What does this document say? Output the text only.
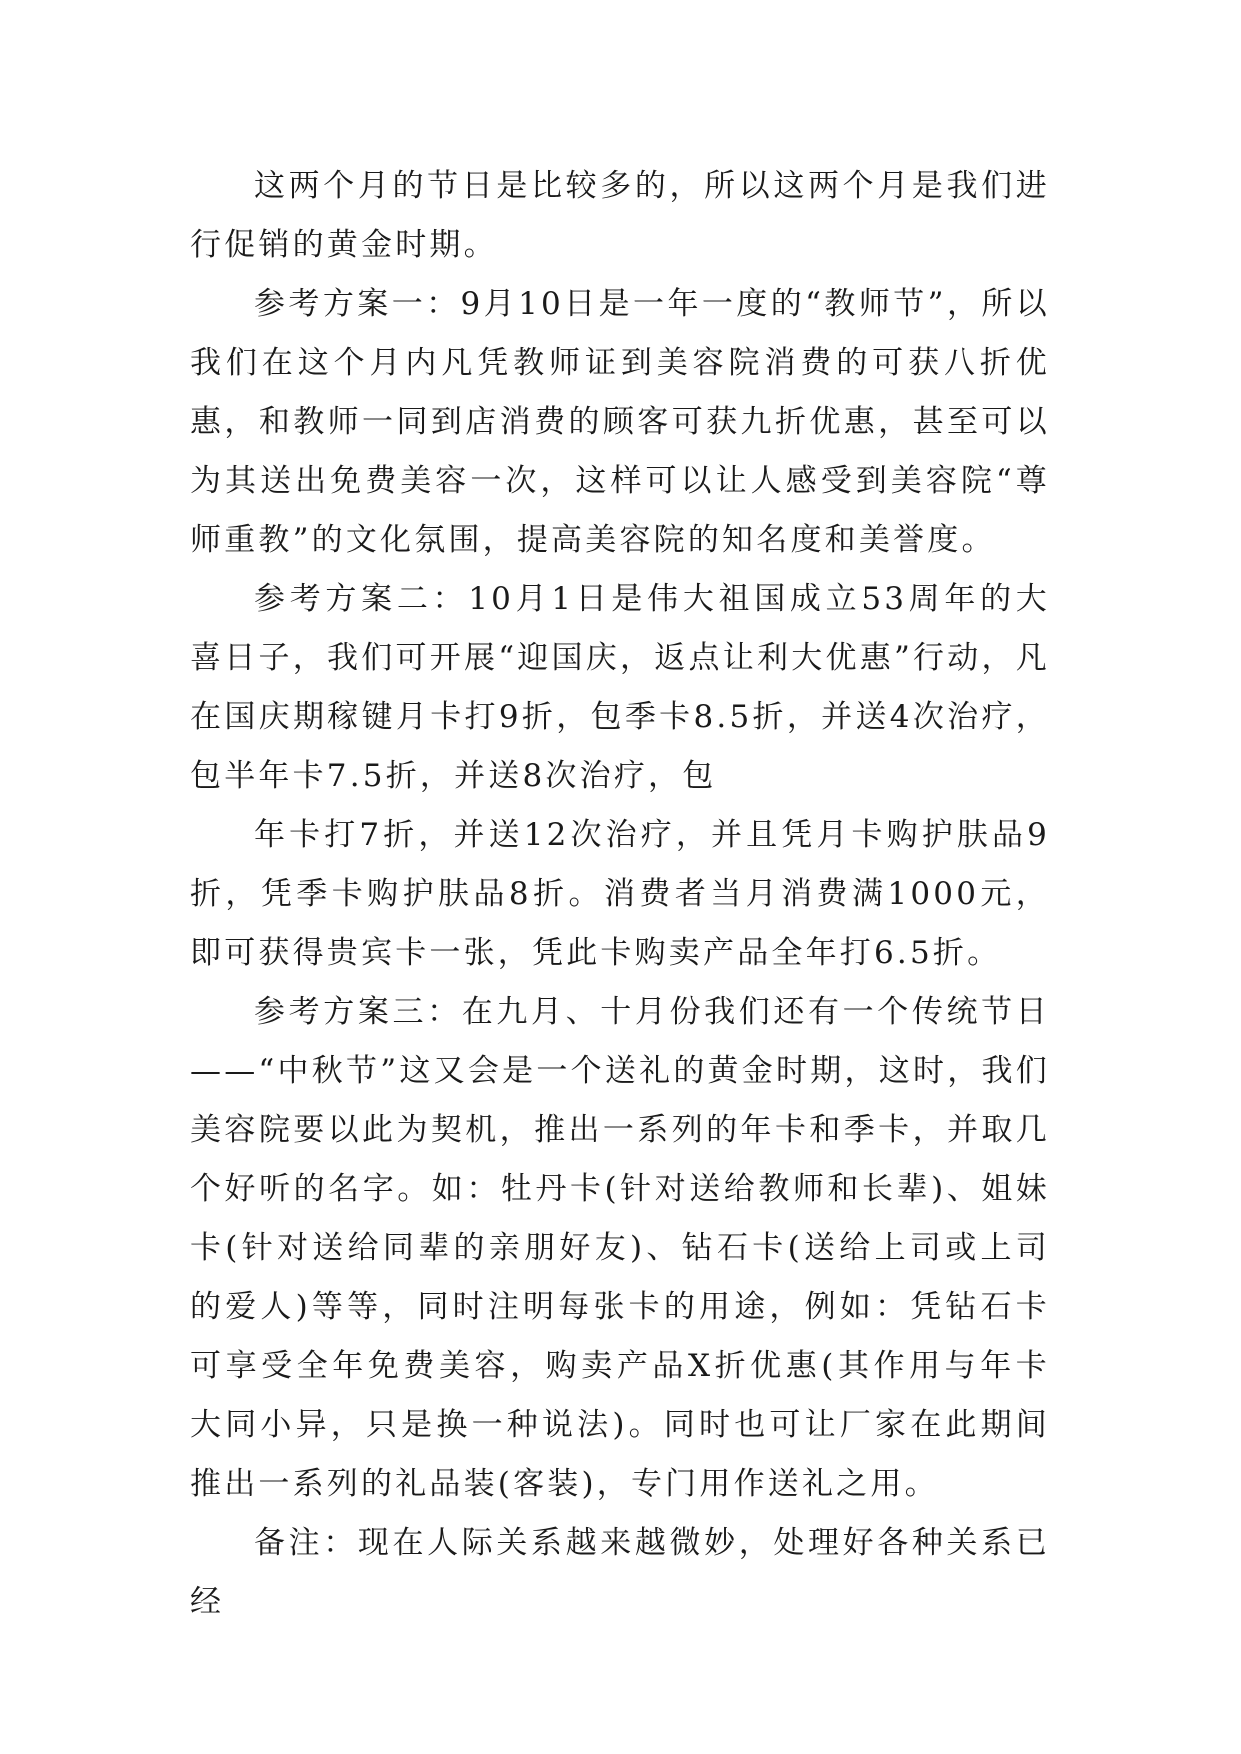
这两个月的节日是比较多的，所以这两个月是我们进行促销的黄金时期。

参考方案一：9月10日是一年一度的“教师节”，所以我们在这个月内凡凭教师证到美容院消费的可获八折优惠，和教师一同到店消费的顾客可获九折优惠，甚至可以为其送出免费美容一次，这样可以让人感受到美容院“尊师重教”的文化氛围，提高美容院的知名度和美誉度。

参考方案二：10月1日是伟大祖国成立53周年的大喜日子，我们可开展“迎国庆，返点让利大优惠”行动，凡在国庆期稼键月卡打9折，包季卡8.5折，并送4次治疗，包半年卡7.5折，并送8次治疗，包

年卡打7折，并送12次治疗，并且凭月卡购护肤品9折，凭季卡购护肤品8折。消费者当月消费满1000元，即可获得贵宾卡一张，凭此卡购卖产品全年打6.5折。

参考方案三：在九月、十月份我们还有一个传统节日——“中秋节”这又会是一个送礼的黄金时期，这时，我们美容院要以此为契机，推出一系列的年卡和季卡，并取几个好听的名字。如：牡丹卡(针对送给教师和长辈)、姐妹卡(针对送给同辈的亲朋好友)、钻石卡(送给上司或上司的爱人)等等，同时注明每张卡的用途，例如：凭钻石卡可享受全年免费美容，购卖产品X折优惠(其作用与年卡大同小异，只是换一种说法)。同时也可让厂家在此期间推出一系列的礼品装(客装)，专门用作送礼之用。

备注：现在人际关系越来越微妙，处理好各种关系已经
